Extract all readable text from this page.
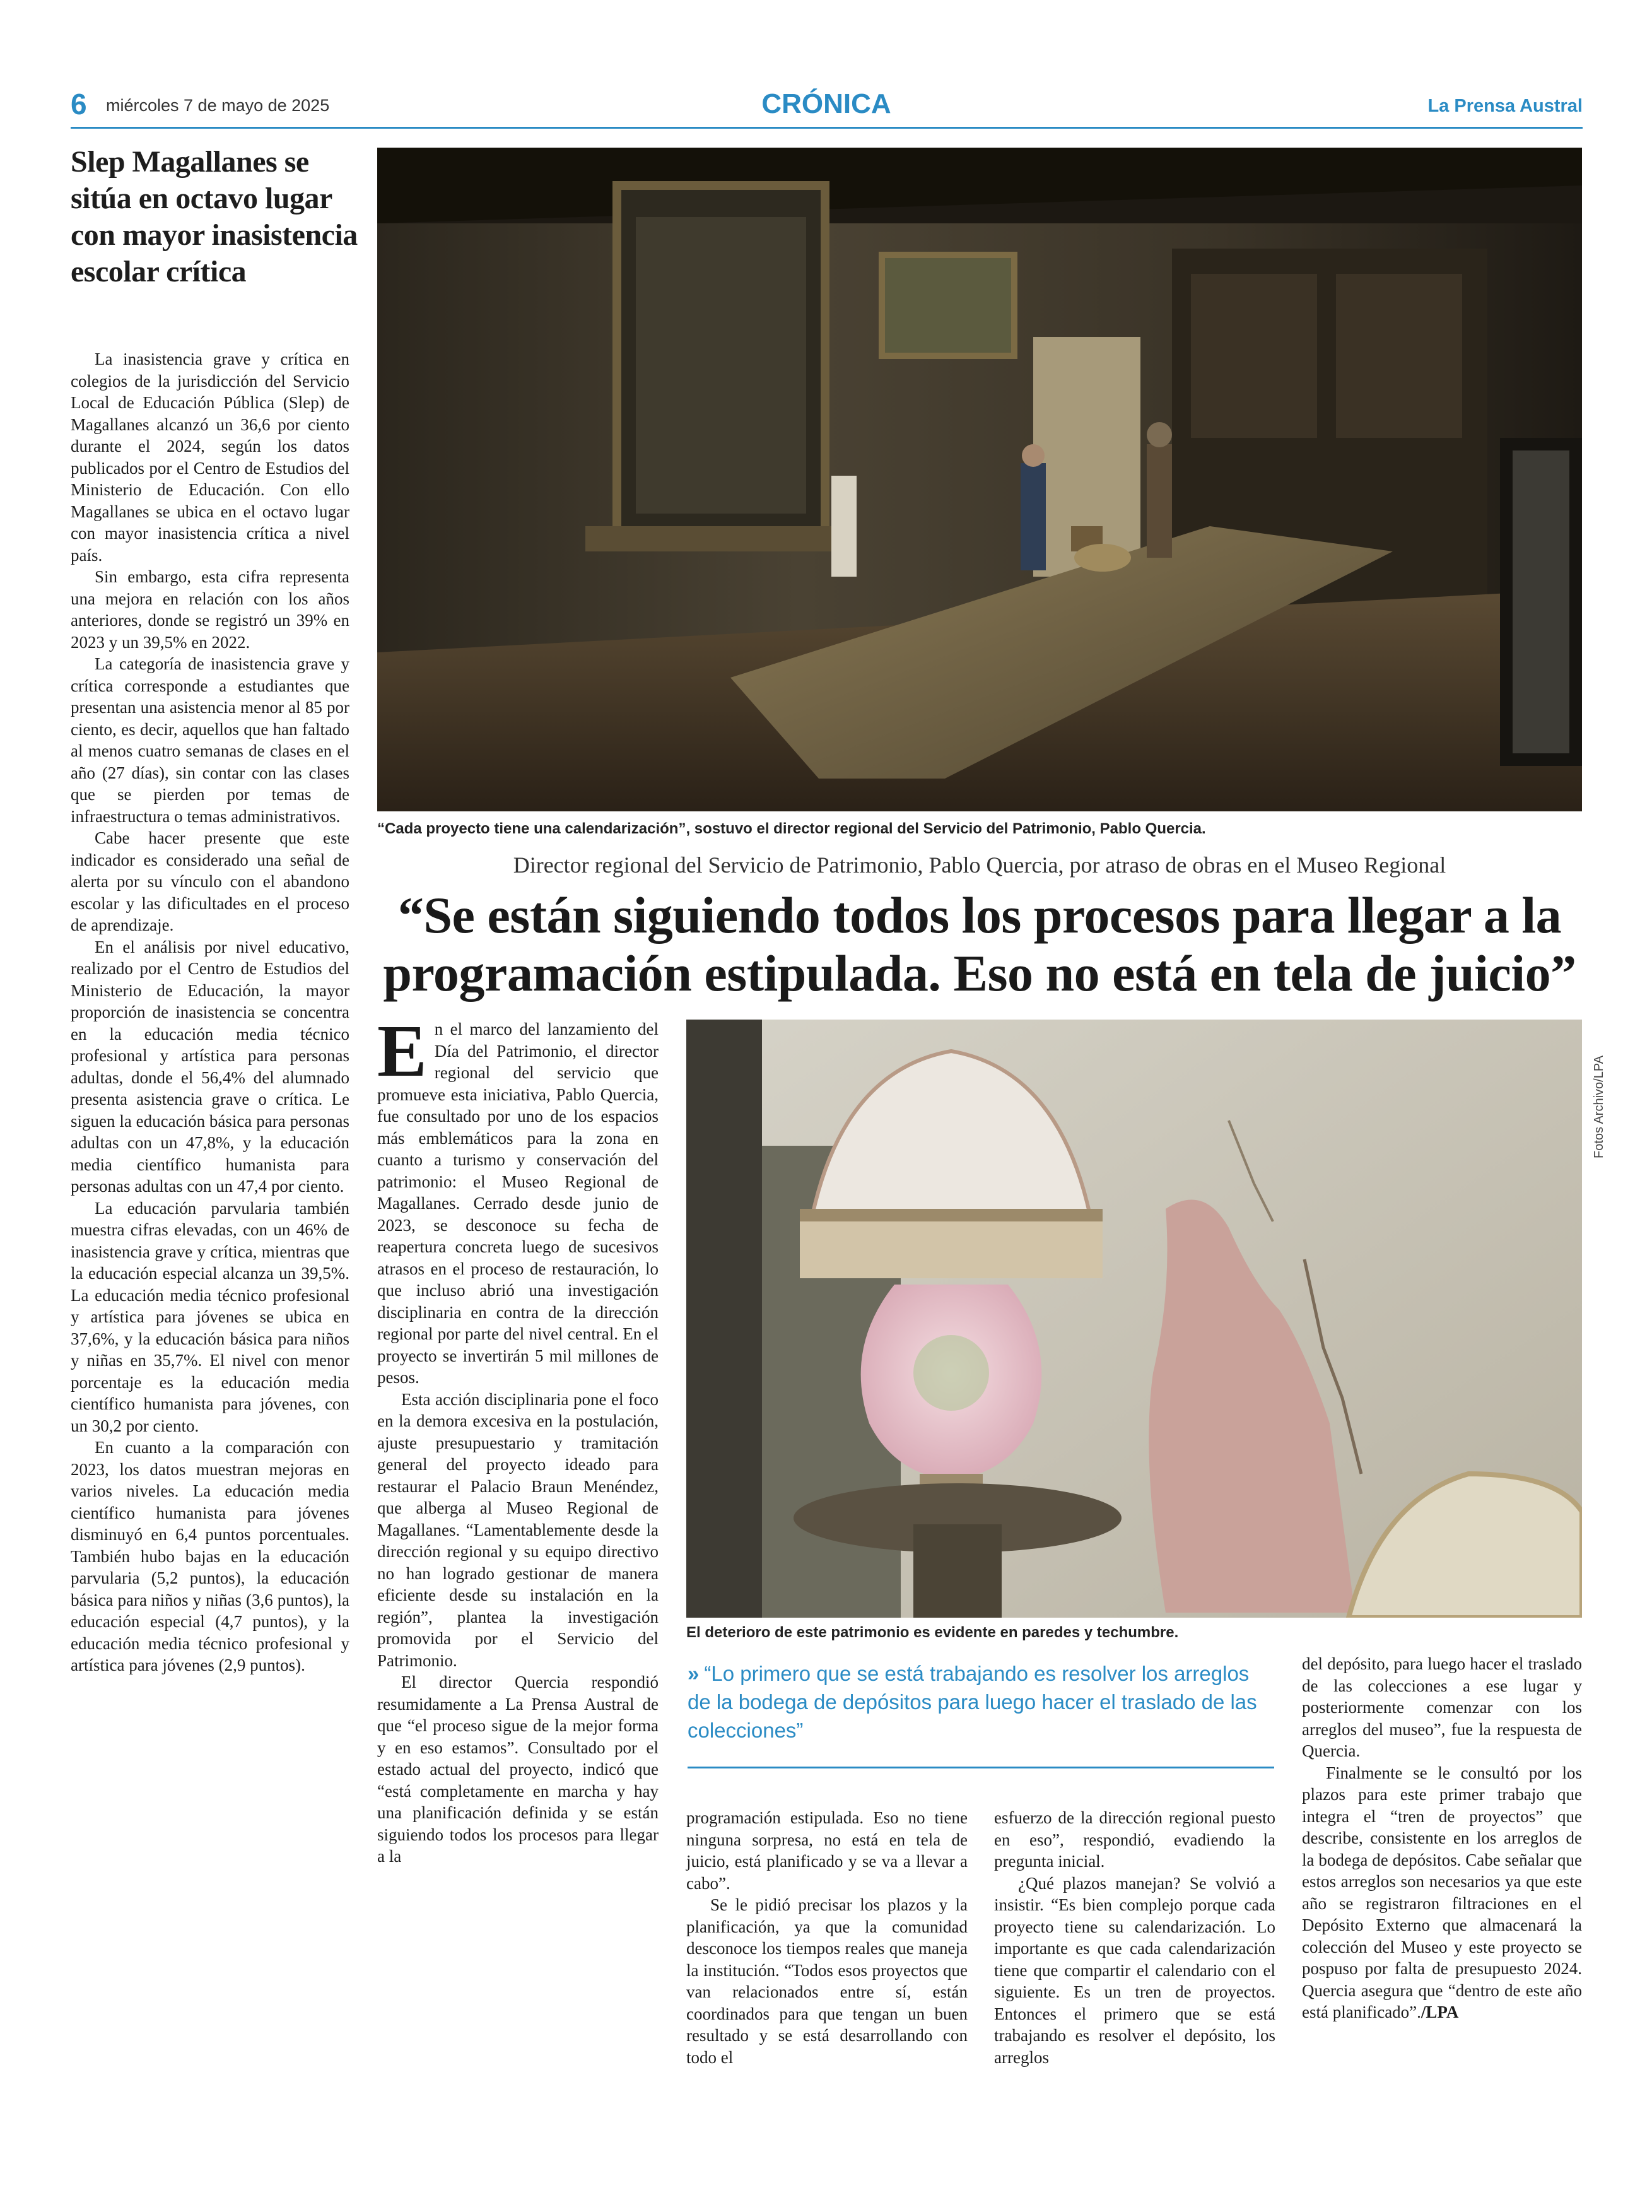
6 miércoles 7 de mayo de 2025	CRÓNICA	La Prensa Austral
Slep Magallanes se sitúa en octavo lugar con mayor inasistencia escolar crítica

La inasistencia grave y crítica en colegios de la jurisdicción del Servicio Local de Educación Pública (Slep) de Magallanes alcanzó un 36,6 por ciento durante el 2024, según los datos publicados por el Centro de Estudios del Ministerio de Educación. Con ello Magallanes se ubica en el octavo lugar con mayor inasistencia crítica a nivel país.

Sin embargo, esta cifra representa una mejora en relación con los años anteriores, donde se registró un 39% en 2023 y un 39,5% en 2022.

La categoría de inasistencia grave y crítica corresponde a estudiantes que presentan una asistencia menor al 85 por ciento, es decir, aquellos que han faltado al menos cuatro semanas de clases en el año (27 días), sin contar con las clases que se pierden por temas de infraestructura o temas administrativos.

Cabe hacer presente que este indicador es considerado una señal de alerta por su vínculo con el abandono escolar y las dificultades en el proceso de aprendizaje.

En el análisis por nivel educativo, realizado por el Centro de Estudios del Ministerio de Educación, la mayor proporción de inasistencia se concentra en la educación media técnico profesional y artística para personas adultas, donde el 56,4% del alumnado presenta asistencia grave o crítica. Le siguen la educación básica para personas adultas con un 47,8%, y la educación media científico humanista para personas adultas con un 47,4 por ciento.

La educación parvularia también muestra cifras elevadas, con un 46% de inasistencia grave y crítica, mientras que la educación especial alcanza un 39,5%. La educación media técnico profesional y artística para jóvenes se ubica en 37,6%, y la educación básica para niños y niñas en 35,7%. El nivel con menor porcentaje es la educación media científico humanista para jóvenes, con un 30,2 por ciento.

En cuanto a la comparación con 2023, los datos muestran mejoras en varios niveles. La educación media científico humanista para jóvenes disminuyó en 6,4 puntos porcentuales. También hubo bajas en la educación parvularia (5,2 puntos), la educación básica para niños y niñas (3,6 puntos), la educación especial (4,7 puntos), y la educación media técnico profesional y artística para jóvenes (2,9 puntos).

“Cada proyecto tiene una calendarización”, sostuvo el director regional del Servicio del Patrimonio, Pablo Quercia.
Director regional del Servicio de Patrimonio, Pablo Quercia, por atraso de obras en el Museo Regional
“Se están siguiendo todos los procesos para llegar a la programación estipulada. Eso no está en tela de juicio”
E n el marco del lanzamiento del Día del Patrimonio, el director regional del servicio que promueve esta iniciativa, Pablo Quercia, fue consultado por uno de los espacios más emblemáticos para la zona en cuanto a turismo y conservación del patrimonio: el Museo Regional de Magallanes. Cerrado desde junio de 2023, se desconoce su fecha de reapertura concreta luego de sucesivos atrasos en el proceso de restauración, lo que incluso abrió una investigación disciplinaria en contra de la dirección regional por parte del nivel central. En el proyecto se invertirán 5 mil millones de pesos.

Esta acción disciplinaria pone el foco en la demora excesiva en la postulación, ajuste presupuestario y tramitación general del proyecto ideado para restaurar el Palacio Braun Menéndez, que alberga al Museo Regional de Magallanes. “Lamentablemente desde la dirección regional y su equipo directivo no han logrado gestionar de manera eficiente desde su instalación en la región”, plantea la investigación promovida por el Servicio del Patrimonio.

El director Quercia respondió resumidamente a La Prensa Austral de que “el proceso sigue de la mejor forma y en eso estamos”. Consultado por el estado actual del proyecto, indicó que “está completamente en marcha y hay una planificación definida y se están siguiendo todos los procesos para llegar a la

Fotos Archivo/LPA
El deterioro de este patrimonio es evidente en paredes y techumbre.
» “Lo primero que se está trabajando es resolver los arreglos de la bodega de depósitos para luego hacer el traslado de las colecciones”

programación estipulada. Eso no tiene ninguna sorpresa, no está en tela de juicio, está planificado y se va a llevar a cabo”.

Se le pidió precisar los plazos y la planificación, ya que la comunidad desconoce los tiempos reales que maneja la institución. “Todos esos proyectos que van relacionados entre sí, están coordinados para que tengan un buen resultado y se está desarrollando con todo el

esfuerzo de la dirección regional puesto en eso”, respondió, evadiendo la pregunta inicial.

¿Qué plazos manejan? Se volvió a insistir. “Es bien complejo porque cada proyecto tiene su calendarización. Lo importante es que cada calendarización tiene que compartir el calendario con el siguiente. Es un tren de proyectos. Entonces el primero que se está trabajando es resolver el depósito, los arreglos

del depósito, para luego hacer el traslado de las colecciones a ese lugar y posteriormente comenzar con los arreglos del museo”, fue la respuesta de Quercia.

Finalmente se le consultó por los plazos para este primer trabajo que integra el “tren de proyectos” que describe, consistente en los arreglos de la bodega de depósitos. Cabe señalar que estos arreglos son necesarios ya que este año se registraron filtraciones en el Depósito Externo que almacenará la colección del Museo y este proyecto se pospuso por falta de presupuesto 2024. Quercia asegura que “dentro de este año está planificado”./LPA
